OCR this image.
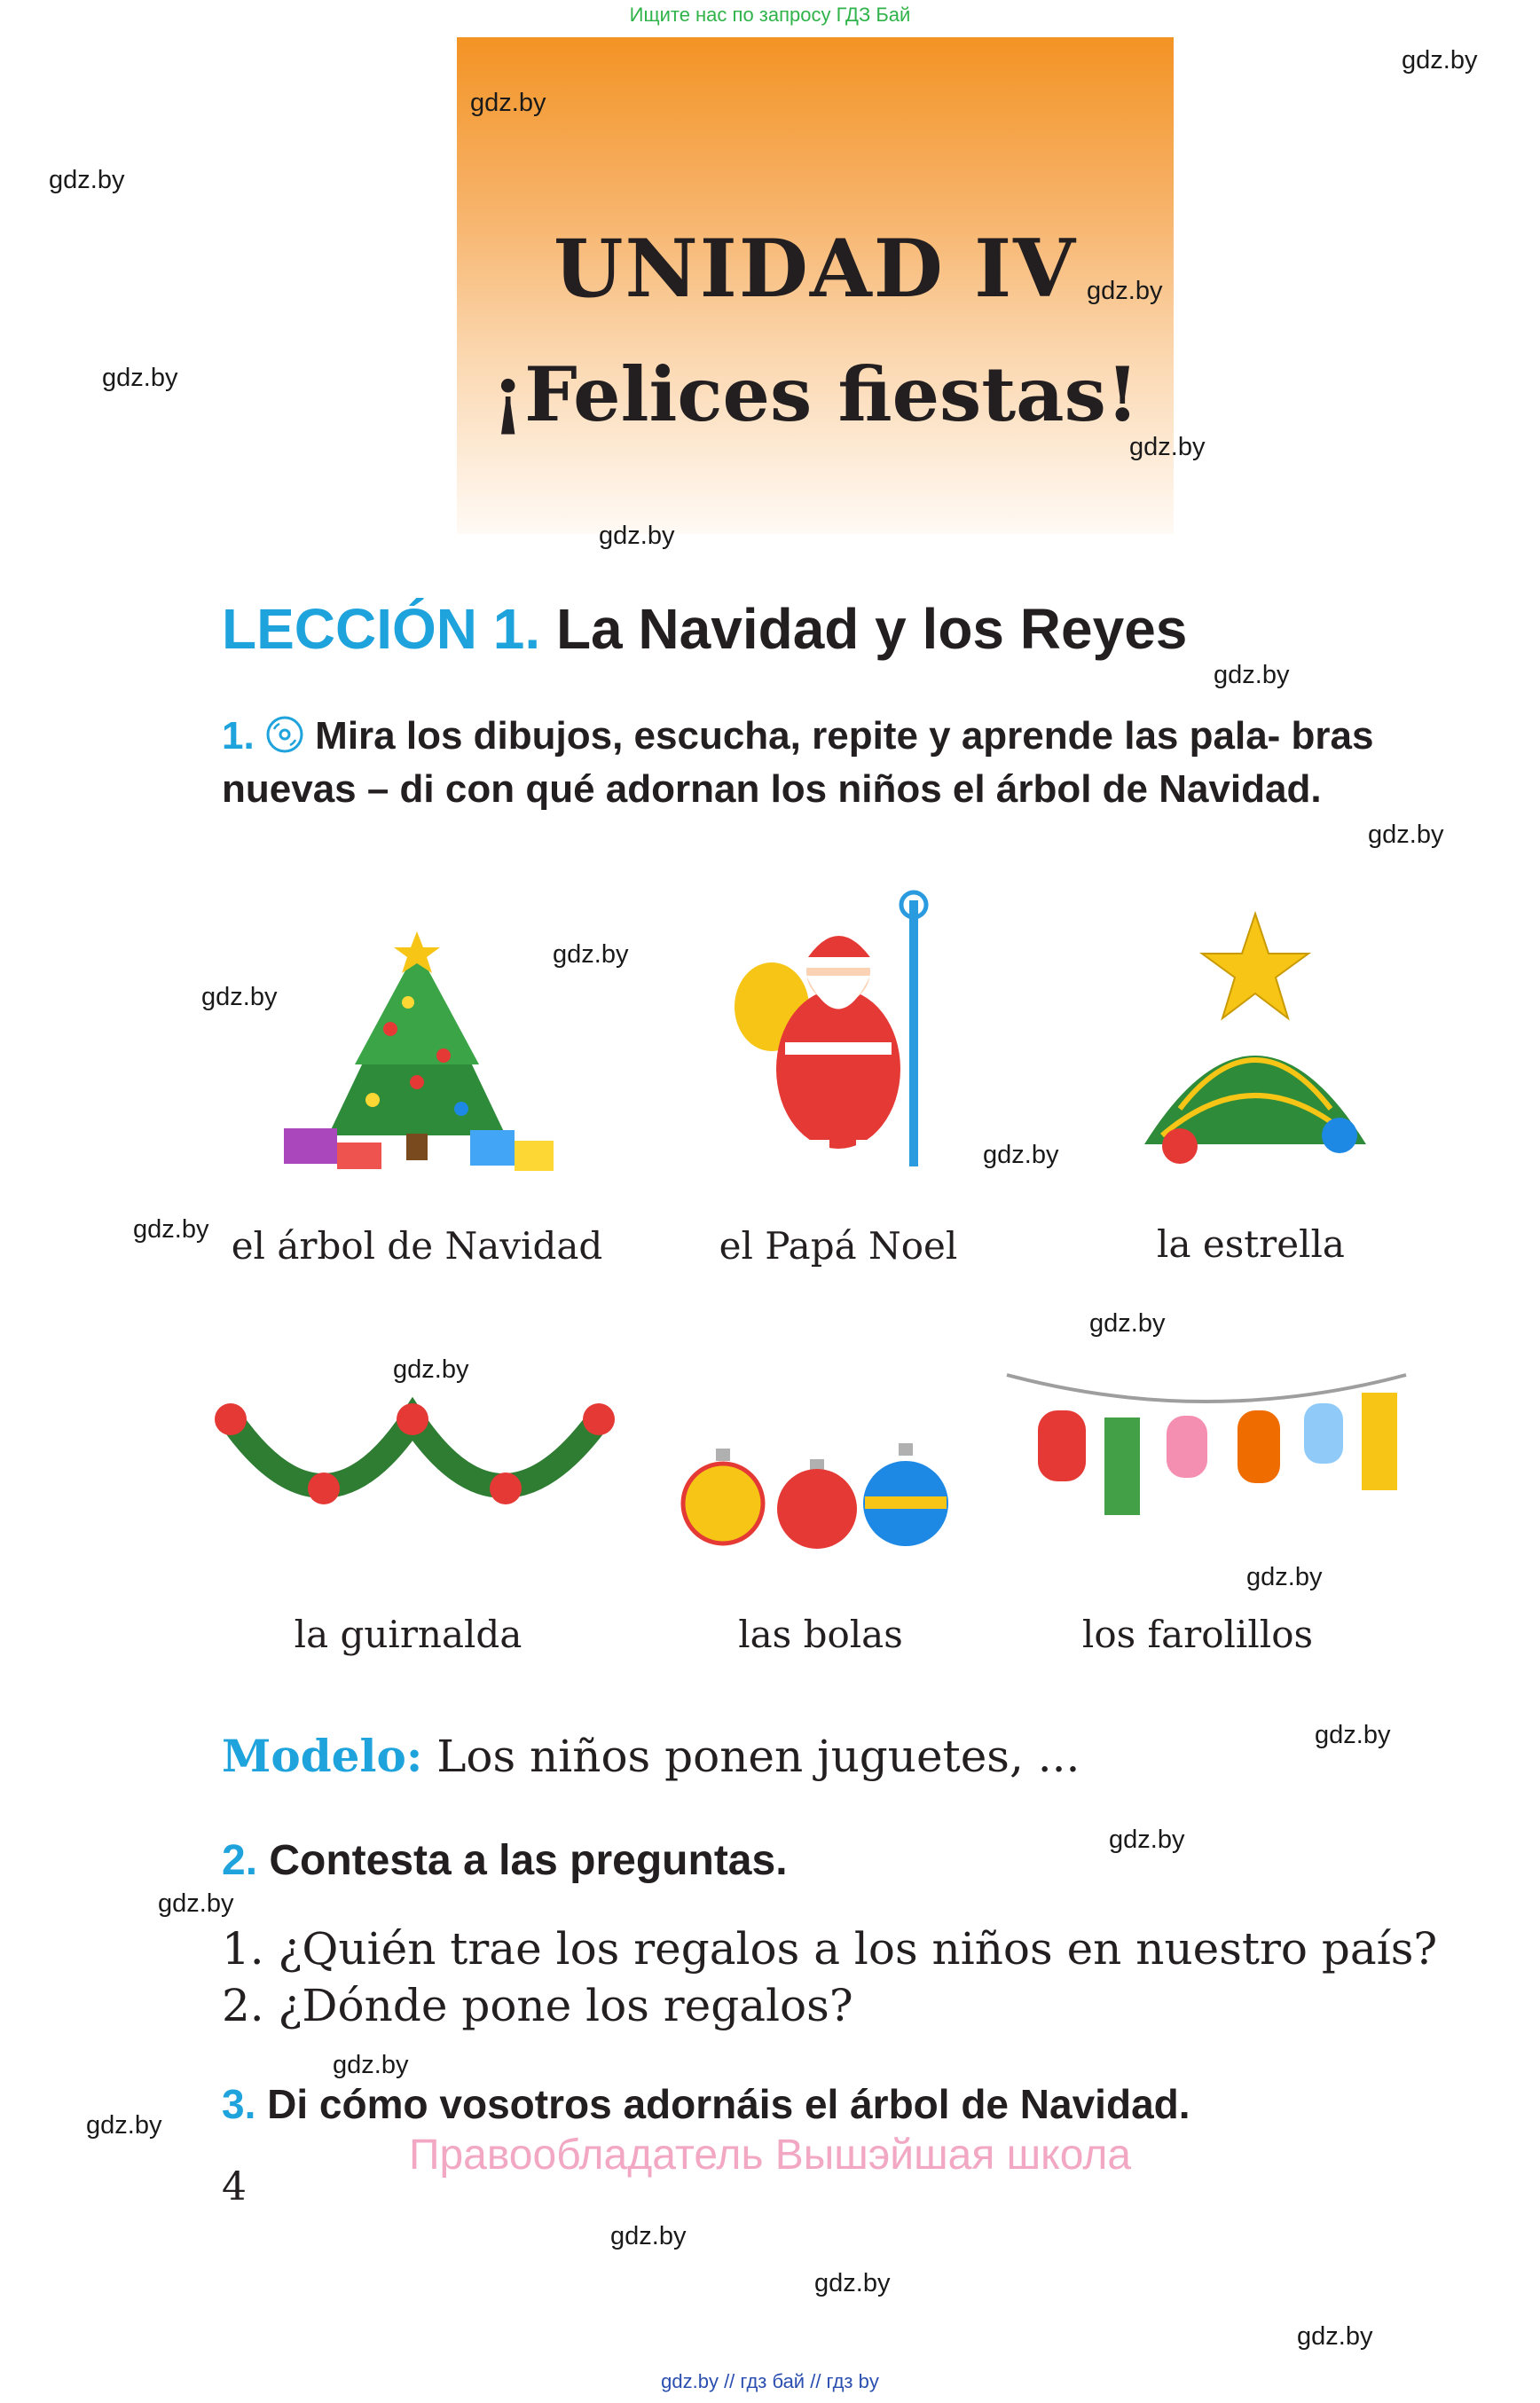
Ищите нас по запросу ГДЗ Бай
UNIDAD IV
¡Felices fiestas!
LECCIÓN 1. La Navidad y los Reyes
1. Mira los dibujos, escucha, repite y aprende las pala- bras nuevas – di con qué adornan los niños el árbol de Navidad.
el árbol de Navidad	el Papá Noel	la estrella
la guirnalda	las bolas	los farolillos
Modelo: Los niños ponen juguetes, ...
2. Contesta a las preguntas.
1. ¿Quién trae los regalos a los niños en nuestro país?
2. ¿Dónde pone los regalos?
3. Di cómo vosotros adornáis el árbol de Navidad.
Правообладатель Вышэйшая школа
4
gdz.by
gdz.by
gdz.by
gdz.by
gdz.by
gdz.by
gdz.by
gdz.by
gdz.by
gdz.by
gdz.by
gdz.by
gdz.by
gdz.by
gdz.by
gdz.by
gdz.by
gdz.by
gdz.by
gdz.by
gdz.by
gdz.by
gdz.by
gdz.by
gdz.by // гдз бай // гдз by
